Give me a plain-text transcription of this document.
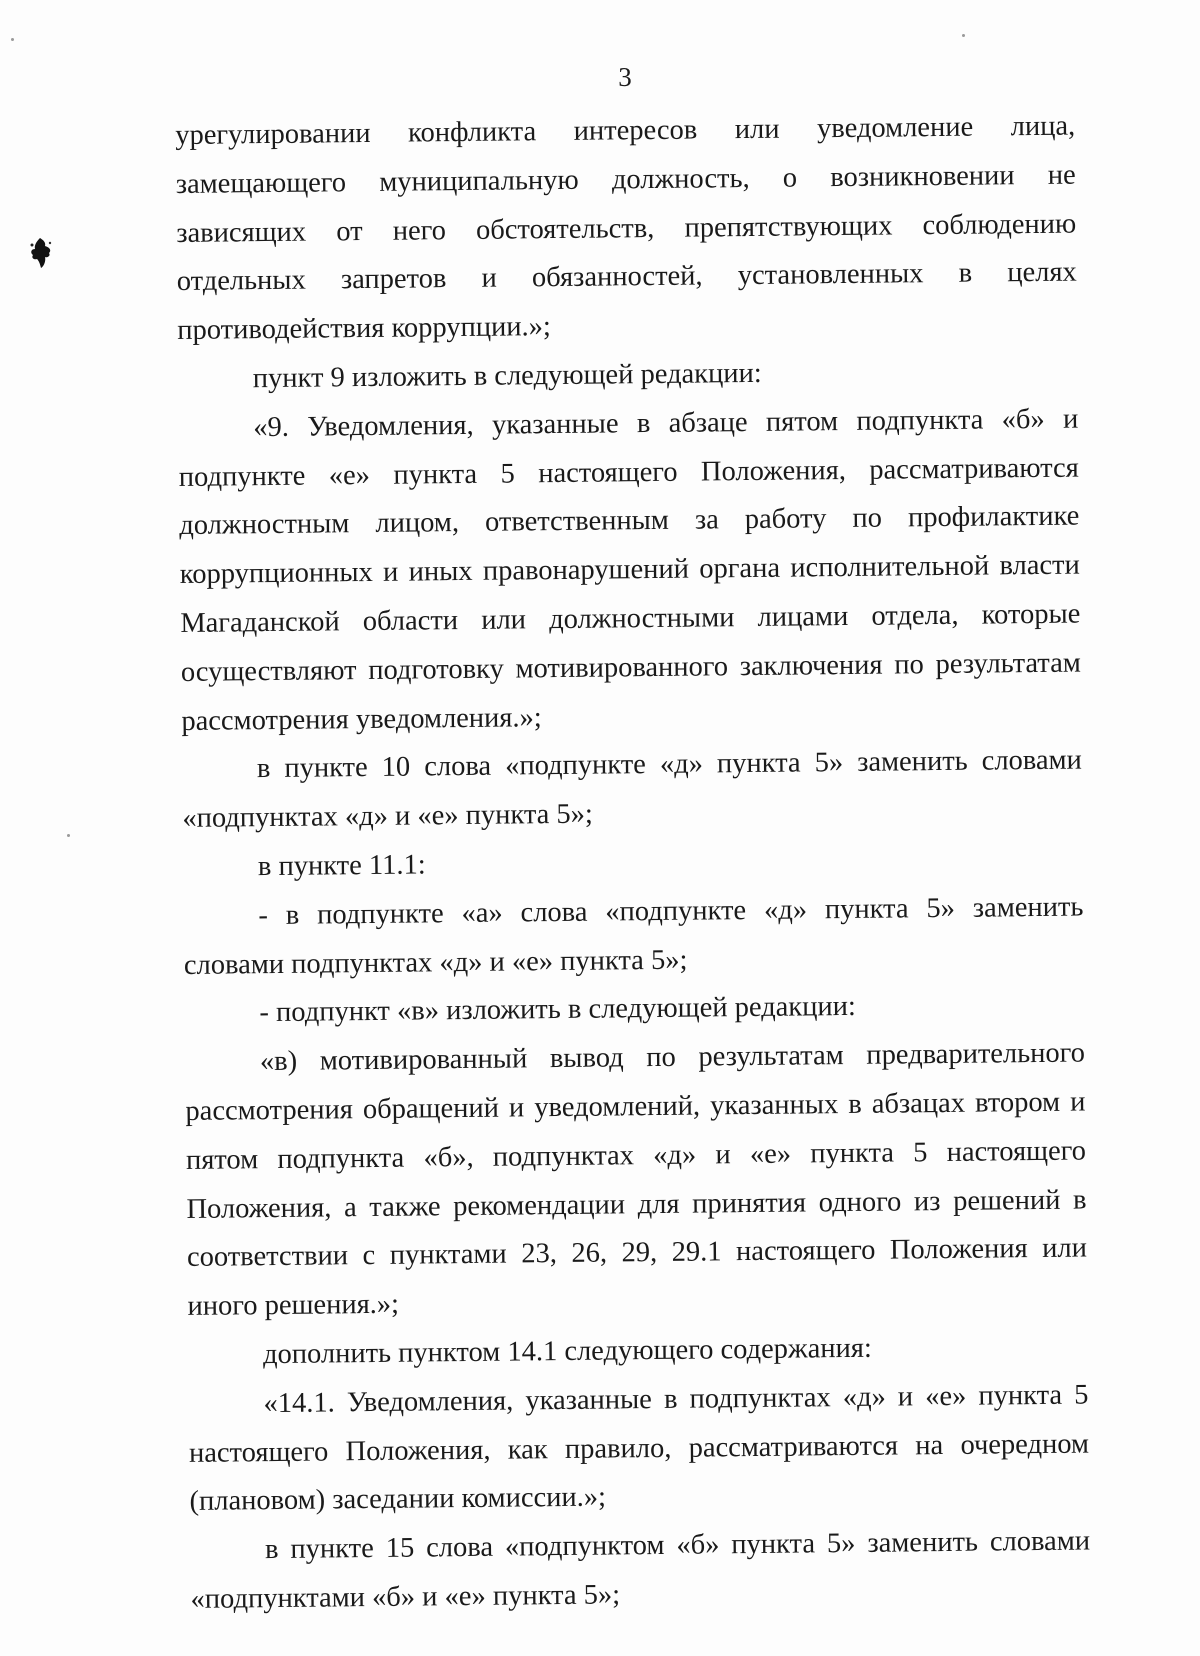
3

урегулировании конфликта интересов или уведомление лица, замещающего муниципальную должность, о возникновении не зависящих от него обстоятельств, препятствующих соблюдению отдельных запретов и обязанностей, установленных в целях противодействия коррупции.»;

пункт 9 изложить в следующей редакции:

«9. Уведомления, указанные в абзаце пятом подпункта «б» и подпункте «е» пункта 5 настоящего Положения, рассматриваются должностным лицом, ответственным за работу по профилактике коррупционных и иных правонарушений органа исполнительной власти Магаданской области или должностными лицами отдела, которые осуществляют подготовку мотивированного заключения по результатам рассмотрения уведомления.»;

в пункте 10 слова «подпункте «д» пункта 5» заменить словами «подпунктах «д» и «е» пункта 5»;

в пункте 11.1:

- в подпункте «а» слова «подпункте «д» пункта 5» заменить словами подпунктах «д» и «е» пункта 5»;

- подпункт «в» изложить в следующей редакции:

«в) мотивированный вывод по результатам предварительного рассмотрения обращений и уведомлений, указанных в абзацах втором и пятом подпункта «б», подпунктах «д» и «е» пункта 5 настоящего Положения, а также рекомендации для принятия одного из решений в соответствии с пунктами 23, 26, 29, 29.1 настоящего Положения или иного решения.»;

дополнить пунктом 14.1 следующего содержания:

«14.1. Уведомления, указанные в подпунктах «д» и «е» пункта 5 настоящего Положения, как правило, рассматриваются на очередном (плановом) заседании комиссии.»;

в пункте 15 слова «подпунктом «б» пункта 5» заменить словами «подпунктами «б» и «е» пункта 5»;
